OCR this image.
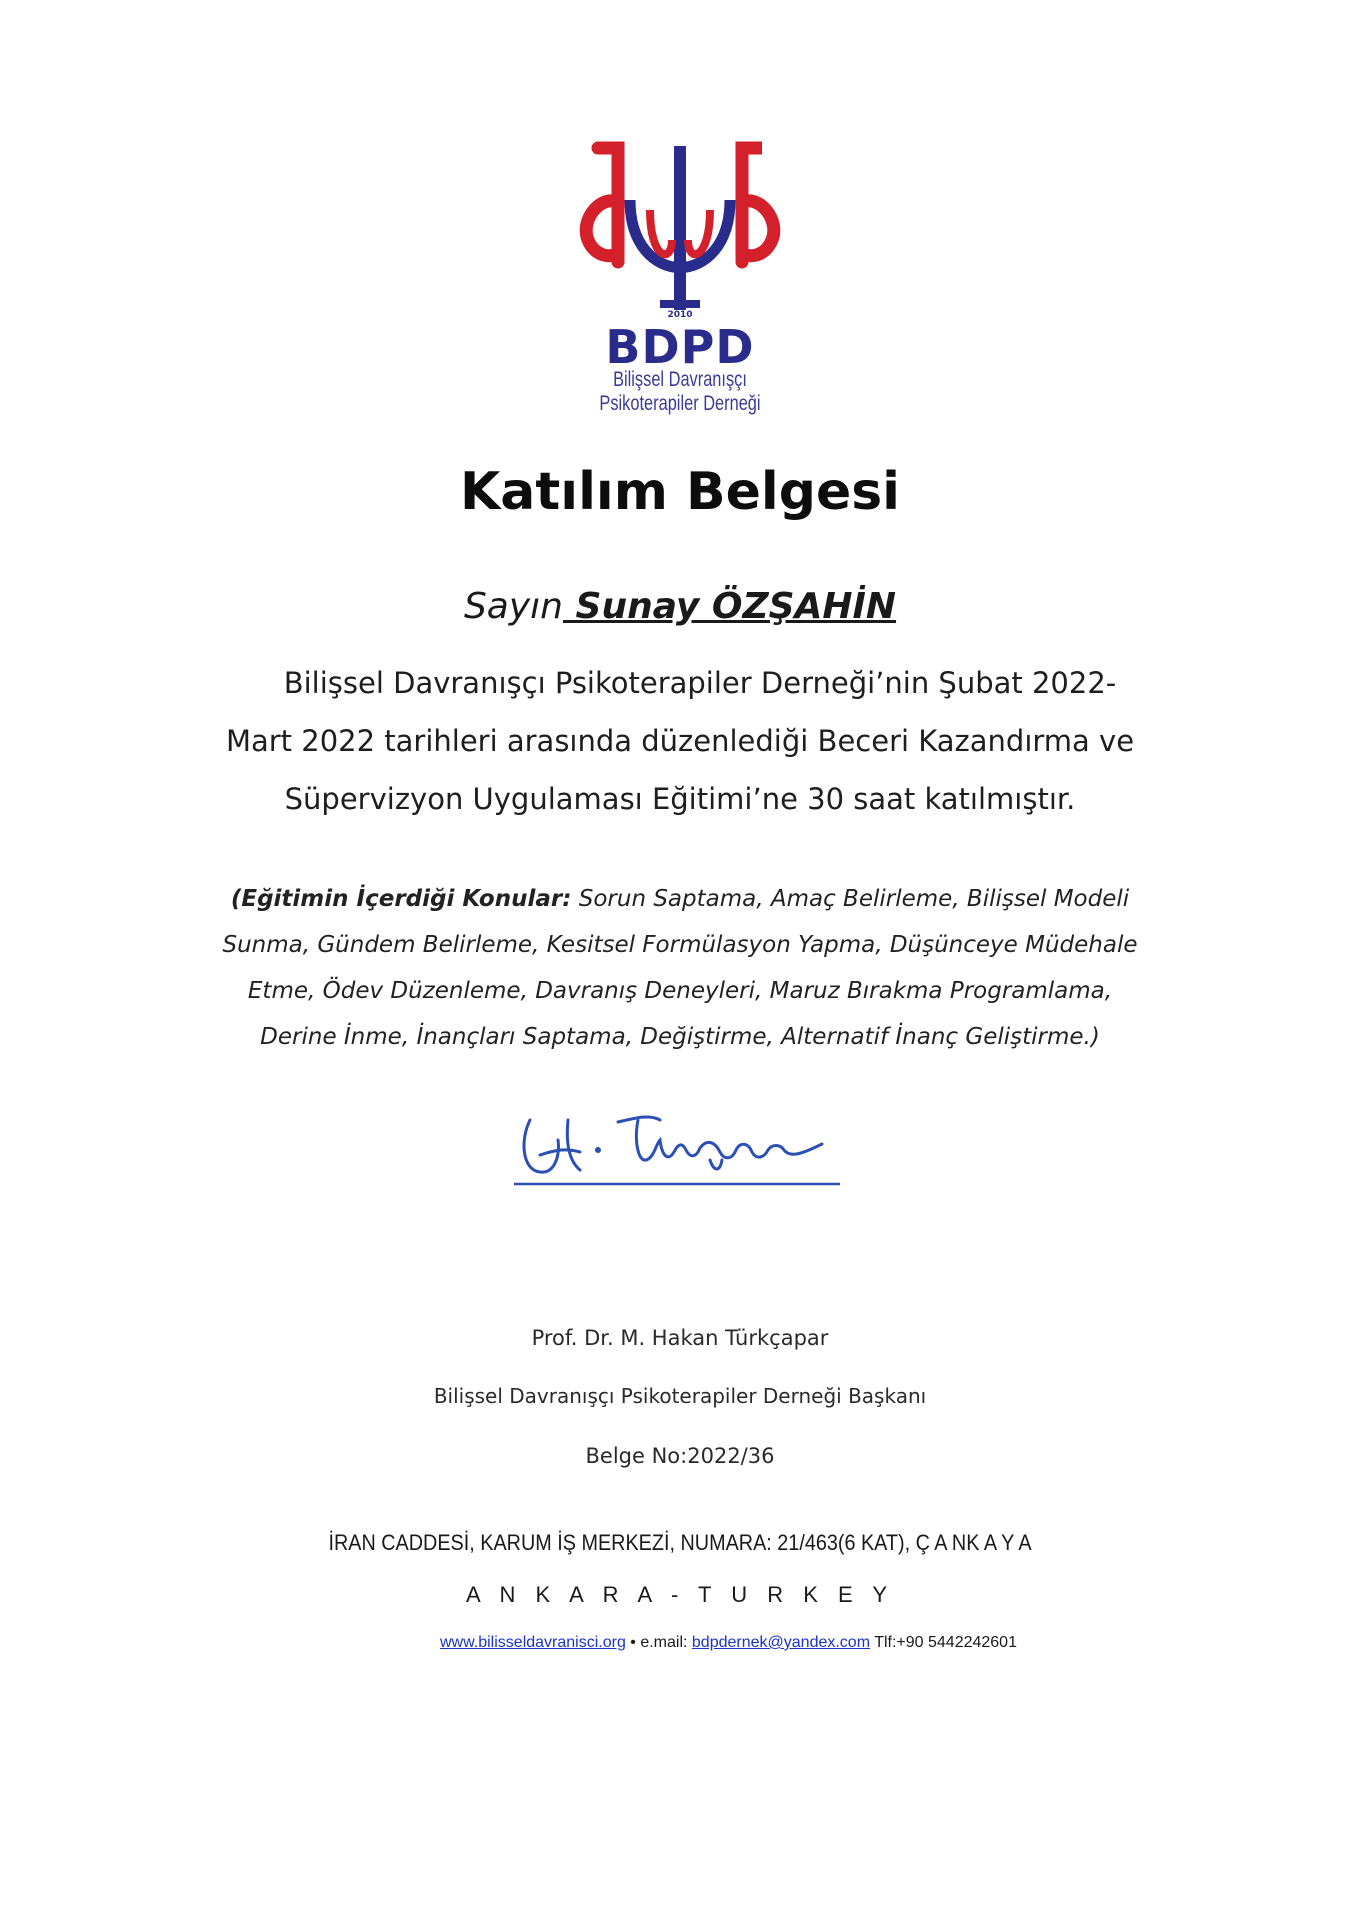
2010
BDPD
Bilişsel Davranışçı
Psikoterapiler Derneği
Katılım Belgesi
Sayın Sunay ÖZŞAHİN
Bilişsel Davranışçı Psikoterapiler Derneği’nin Şubat 2022-
Mart 2022 tarihleri arasında düzenlediği Beceri Kazandırma ve
Süpervizyon Uygulaması Eğitimi’ne 30 saat katılmıştır.
(Eğitimin İçerdiği Konular: Sorun Saptama, Amaç Belirleme, Bilişsel Modeli
Sunma, Gündem Belirleme, Kesitsel Formülasyon Yapma, Düşünceye Müdehale
Etme, Ödev Düzenleme, Davranış Deneyleri, Maruz Bırakma Programlama,
Derine İnme, İnançları Saptama, Değiştirme, Alternatif İnanç Geliştirme.)
Prof. Dr. M. Hakan Türkçapar
Bilişsel Davranışçı Psikoterapiler Derneği Başkanı
Belge No:2022/36
İRAN CADDESİ, KARUM İŞ MERKEZİ, NUMARA: 21/463(6 KAT), Ç A NK A Y A
A N K A R A - T U R K E Y
www.bilisseldavranisci.org • e.mail: bdpdernek@yandex.com Tlf:+90 5442242601
